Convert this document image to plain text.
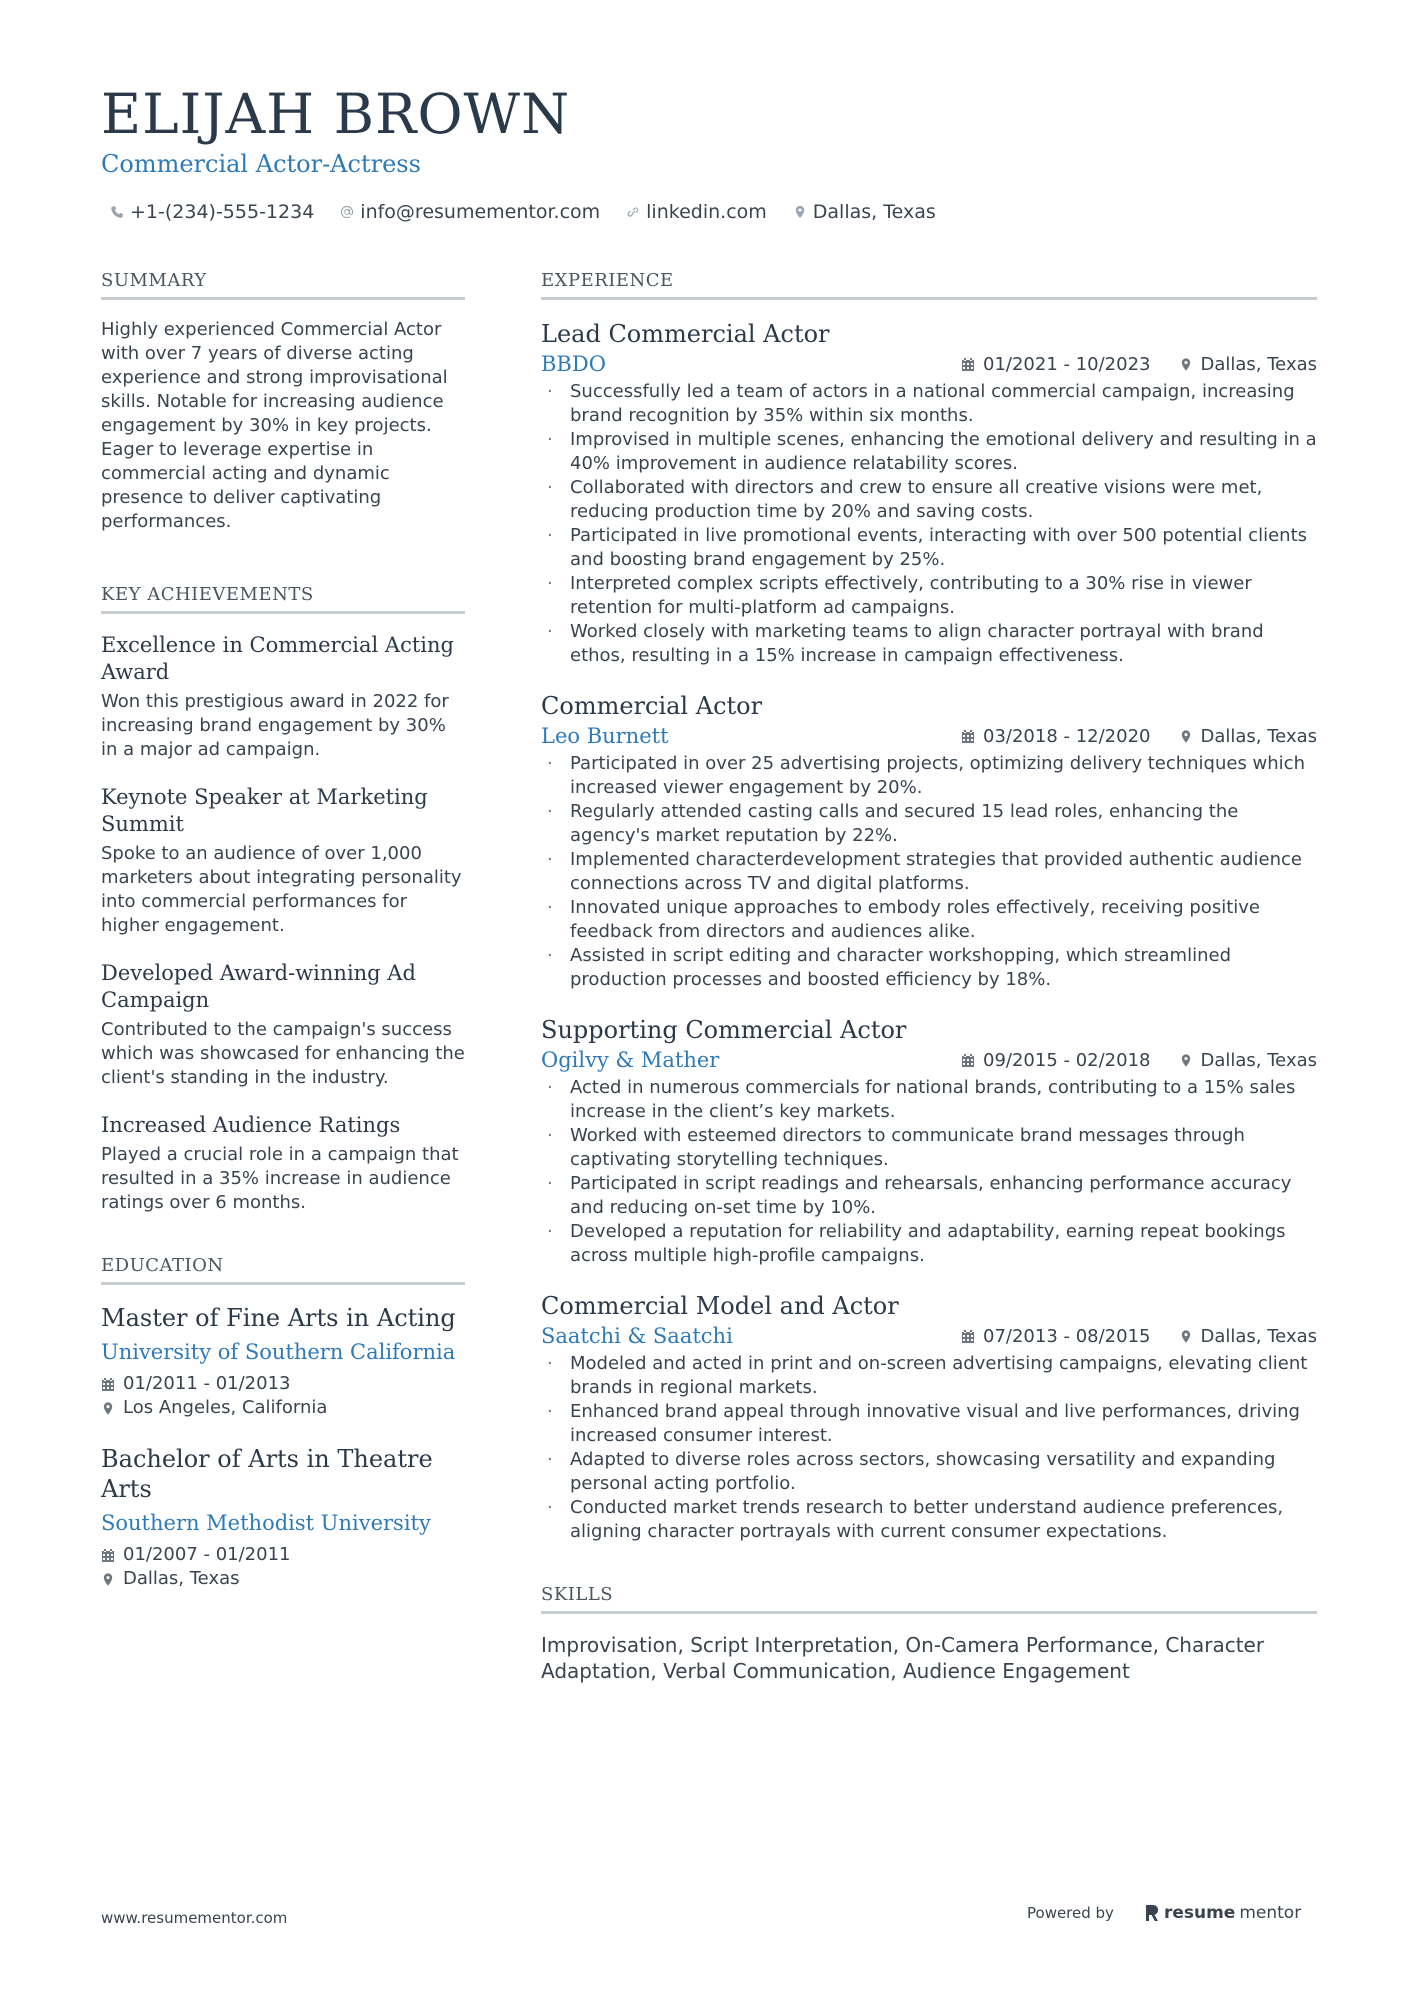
ELIJAH BROWN
Commercial Actor-Actress
+1-(234)-555-1234 info@resumementor.com linkedin.com Dallas, Texas
SUMMARY
Highly experienced Commercial Actor with over 7 years of diverse acting experience and strong improvisational skills. Notable for increasing audience engagement by 30% in key projects. Eager to leverage expertise in commercial acting and dynamic presence to deliver captivating performances.
KEY ACHIEVEMENTS
Excellence in Commercial Acting Award
Won this prestigious award in 2022 for increasing brand engagement by 30% in a major ad campaign.
Keynote Speaker at Marketing Summit
Spoke to an audience of over 1,000 marketers about integrating personality into commercial performances for higher engagement.
Developed Award-winning Ad Campaign
Contributed to the campaign's success which was showcased for enhancing the client's standing in the industry.
Increased Audience Ratings
Played a crucial role in a campaign that resulted in a 35% increase in audience ratings over 6 months.
EDUCATION
Master of Fine Arts in Acting
University of Southern California
01/2011 - 01/2013
Los Angeles, California
Bachelor of Arts in Theatre Arts
Southern Methodist University
01/2007 - 01/2011
Dallas, Texas
EXPERIENCE
Lead Commercial Actor
BBDO	01/2021 - 10/2023	Dallas, Texas
· Successfully led a team of actors in a national commercial campaign, increasing brand recognition by 35% within six months.
· Improvised in multiple scenes, enhancing the emotional delivery and resulting in a 40% improvement in audience relatability scores.
· Collaborated with directors and crew to ensure all creative visions were met, reducing production time by 20% and saving costs.
· Participated in live promotional events, interacting with over 500 potential clients and boosting brand engagement by 25%.
· Interpreted complex scripts effectively, contributing to a 30% rise in viewer retention for multi-platform ad campaigns.
· Worked closely with marketing teams to align character portrayal with brand ethos, resulting in a 15% increase in campaign effectiveness.
Commercial Actor
Leo Burnett	03/2018 - 12/2020	Dallas, Texas
· Participated in over 25 advertising projects, optimizing delivery techniques which increased viewer engagement by 20%.
· Regularly attended casting calls and secured 15 lead roles, enhancing the agency's market reputation by 22%.
· Implemented characterdevelopment strategies that provided authentic audience connections across TV and digital platforms.
· Innovated unique approaches to embody roles effectively, receiving positive feedback from directors and audiences alike.
· Assisted in script editing and character workshopping, which streamlined production processes and boosted efficiency by 18%.
Supporting Commercial Actor
Ogilvy & Mather	09/2015 - 02/2018	Dallas, Texas
· Acted in numerous commercials for national brands, contributing to a 15% sales increase in the client’s key markets.
· Worked with esteemed directors to communicate brand messages through captivating storytelling techniques.
· Participated in script readings and rehearsals, enhancing performance accuracy and reducing on-set time by 10%.
· Developed a reputation for reliability and adaptability, earning repeat bookings across multiple high-profile campaigns.
Commercial Model and Actor
Saatchi & Saatchi	07/2013 - 08/2015	Dallas, Texas
· Modeled and acted in print and on-screen advertising campaigns, elevating client brands in regional markets.
· Enhanced brand appeal through innovative visual and live performances, driving increased consumer interest.
· Adapted to diverse roles across sectors, showcasing versatility and expanding personal acting portfolio.
· Conducted market trends research to better understand audience preferences, aligning character portrayals with current consumer expectations.
SKILLS
Improvisation, Script Interpretation, On-Camera Performance, Character Adaptation, Verbal Communication, Audience Engagement
www.resumementor.com	Powered by	resume mentor
